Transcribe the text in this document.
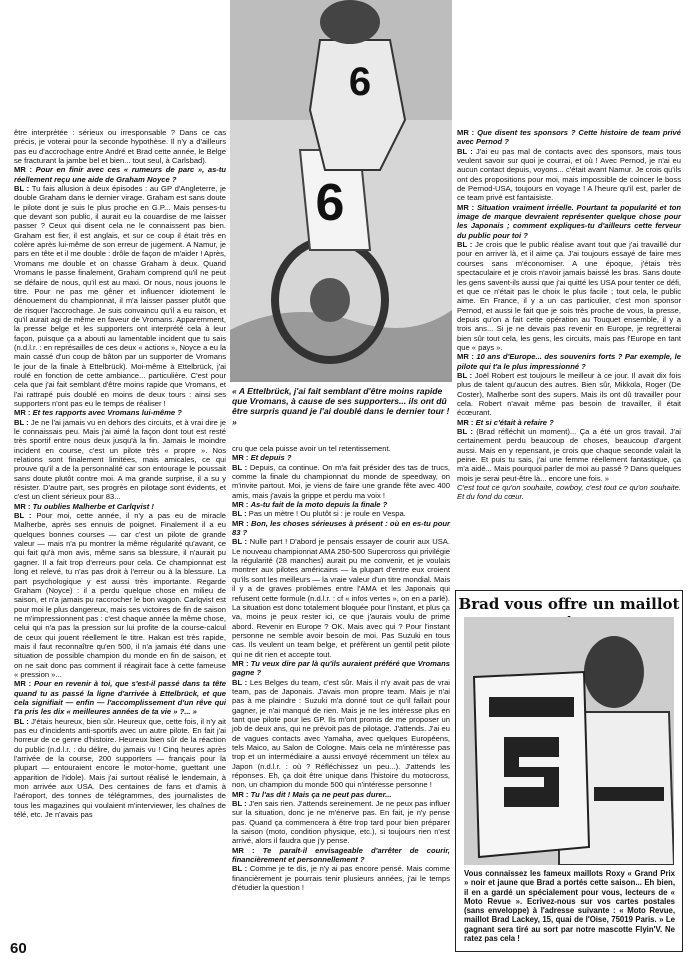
être interprétée : sérieux ou irresponsable ? Dans ce cas précis, je voterai pour la seconde hypothèse. Il n'y a d'ailleurs pas eu d'accrochage entre André et Brad cette année, le Belge se fracturant la jambe bel et bien... tout seul, à Carlsbad).

MR : Pour en finir avec ces « rumeurs de parc », as-tu réellement reçu une aide de Graham Noyce ?

BL : Tu fais allusion à deux épisodes : au GP d'Angleterre, je double Graham dans le dernier virage. Graham est sans doute le pilote dont je suis le plus proche en G.P... Mais penses-tu que devant son public, il aurait eu la couardise de me laisser passer ? Ceux qui disent cela ne le connaissent pas bien. Graham est fier, il est anglais, et sur ce coup il était très en colère après lui-même de son erreur de jugement. A Namur, je pars en tête et il me double : drôle de façon de m'aider ! Après, Vromans me double et on chasse Graham à deux. Quand Vromans le passe finalement, Graham comprend qu'il ne peut se défaire de nous, qu'il est au maxi. Or nous, nous jouons le titre. Pour ne pas me gêner et influencer idiotement le dénouement du championnat, il m'a laisser passer plutôt que de risquer l'accrochage. Je suis convaincu qu'il a eu raison, et qu'il aurait agi de même en faveur de Vromans. Apparemment, la presse belge et les supporters ont interprété cela à leur façon, puisque ça a abouti au lamentable incident que tu sais (n.d.l.r. : en représailles de ces deux « actions », Noyce a eu la main cassé d'un coup de bâton par un supporter de Vromans le jour de la finale à Ettelbrück). Moi-même à Ettelbrück, j'ai roulé en fonction de cette ambiance... particulière. C'est pour cela que j'ai fait semblant d'être moins rapide que Vromans, et l'ai rattrapé puis doublé en moins de deux tours : ainsi ses supporters n'ont pas eu le temps de réaliser !

MR : Et tes rapports avec Vromans lui-même ?

BL : Je ne l'ai jamais vu en dehors des circuits, et à vrai dire je le connaissais peu. Mais j'ai aimé la façon dont tout est resté très sportif entre nous deux jusqu'à la fin. Jamais le moindre incident en course, c'est un pilote très « propre ». Nos relations sont finalement limitées, mais amicales, ce qui prouve qu'il a de la personnalité car son entourage le poussait sans doute plutôt contre moi. A ma grande surprise, il a su y résister. D'autre part, ses progrès en pilotage sont évidents, et c'est un client sérieux pour 83...

MR : Tu oublies Malherbe et Carlqvist !

BL : Pour moi, cette année, il n'y a pas eu de miracle Malherbe, après ses ennuis de poignet. Finalement il a eu quelques bonnes courses — car c'est un pilote de grande valeur — mais n'a pu montrer la même régularité qu'avant, ce qui fait qu'à mon avis, même sans sa blessure, il n'aurait pu gagner. Il a fait trop d'erreurs pour cela. Ce championnat est long et relevé, tu n'as pas droit à l'erreur ou à la blessure. La part psychologique y est aussi très importante. Regarde Graham (Noyce) : il a perdu quelque chose en milieu de saison, et n'a jamais pu raccrocher le bon wagon. Carlqvist est pour moi le plus dangereux, mais ses victoires de fin de saison ne m'impressionnent pas : c'est chaque année la même chose, celui qui n'a pas la pression sur lui profite de la course-calcul de ceux qui jouent réellement le titre. Hakan est très rapide, mais il faut reconnaître qu'en 500, il n'a jamais été dans une situation de possible champion du monde en fin de saison, et on ne sait donc pas comment il réagirait face à cette fameuse « pression »...

MR : Pour en revenir à toi, que s'est-il passé dans ta tête quand tu as passé la ligne d'arrivée à Ettelbrück, et que cela signifiait — enfin — l'accomplissement d'un rêve qui t'a pris les dix « meilleures années de ta vie » ?... »

BL : J'étais heureux, bien sûr. Heureux que, cette fois, il n'y ait pas eu d'incidents anti-sportifs avec un autre pilote. En fait j'ai horreur de ce genre d'histoire. Heureux bien sûr de la réaction du public (n.d.l.r. : du délire, du jamais vu ! Cinq heures après l'arrivée de la course, 200 supporters — français pour la plupart — entouraient encore le motor-home, guettant une apparition de l'idole). Mais j'ai surtout réalisé le lendemain, à mon arrivée aux USA. Des centaines de fans et d'amis à l'aéroport, des tonnes de télégrammes, des journalistes de tous les magazines qui voulaient m'interviewer, les chaînes de télé, etc. Je n'avais pas

6
6
« A Ettelbrück, j'ai fait semblant d'être moins rapide que Vromans, à cause de ses supporters... ils ont dû être surpris quand je l'ai doublé dans le dernier tour ! »

cru que cela puisse avoir un tel retentissement.

MR : Et depuis ?

BL : Depuis, ca continue. On m'a fait présider des tas de trucs, comme la finale du championnat du monde de speedway, on m'invite partout. Moi, je viens de faire une grande fête avec 400 amis, mais j'avais la grippe et perdu ma voix !

MR : As-tu fait de la moto depuis la finale ?

BL : Pas un mètre ! Ou plutôt si : je roule en Vespa.

MR : Bon, les choses sérieuses à présent : où en es-tu pour 83 ?

BL : Nulle part ! D'abord je pensais essayer de courir aux USA. Le nouveau championnat AMA 250-500 Supercross qui privilégie la régularité (28 manches) aurait pu me convenir, et je voulais montrer aux pilotes américains — la plupart d'entre eux croient qu'ils sont les meilleurs — la vraie valeur d'un titre mondial. Mais il y a de graves problèmes entre l'AMA et les Japonais qui refusent cette formule (n.d.l.r. : cf « infos vertes », on en a parlé). La situation est donc totalement bloquée pour l'instant, et plus ça va, moins je peux rester ici, ce que j'aurais voulu de prime abord. Revenir en Europe ? OK. Mais avec qui ? Pour l'instant personne ne semble avoir besoin de moi. Pas Suzuki en tous cas. Ils veulent un team belge, et préfèrent un gentil petit pilote qui ne dit rien et accepte tout.

MR : Tu veux dire par là qu'ils auraient préféré que Vromans gagne ?

BL : Les Belges du team, c'est sûr. Mais il n'y avait pas de vrai team, pas de Japonais. J'avais mon propre team. Mais je n'ai pas à me plaindre : Suzuki m'a donné tout ce qu'il fallait pour gagner, je n'ai manqué de rien. Mais je ne les intéresse plus en tant que pilote pour les GP. Ils m'ont promis de me proposer un job de deux ans, qui ne prévoit pas de pilotage. J'attends. J'ai eu de vagues contacts avec Yamaha, avec quelques Européens, tels Maico, au Salon de Cologne. Mais cela ne m'intéresse pas trop et un intermédiaire a aussi envoyé récemment un télex au Japon (n.d.l.r. : où ? Réfléchissez un peu...). J'attends les réponses. Eh, ça doit être unique dans l'histoire du motocross, non, un champion du monde 500 qui n'intéresse personne !

MR : Tu l'as dit ! Mais ça ne peut pas durer...

BL : J'en sais rien. J'attends sereinement. Je ne peux pas influer sur la situation, donc je ne m'énerve pas. En fait, je n'y pense pas. Quand ça commencera à être trop tard pour bien préparer la saison (moto, condition physique, etc.), si toujours rien n'est arrivé, alors il faudra que j'y pense.

MR : Te paraît-il envisageable d'arrêter de courir, financièrement et personnellement ?

BL : Comme je te dis, je n'y ai pas encore pensé. Mais comme financièrement je pourrais tenir plusieurs années, j'ai le temps d'étudier la question !

MR : Que disent tes sponsors ? Cette histoire de team privé avec Pernod ?

BL : J'ai eu pas mal de contacts avec des sponsors, mais tous veulent savoir sur quoi je courrai, et où ! Avec Pernod, je n'ai eu aucun contact depuis, voyons... c'était avant Namur. Je crois qu'ils ont des propositions pour moi, mais impossible de coincer le boss de Pernod-USA, toujours en voyage ! A l'heure qu'il est, parler de ce team privé est fantaisiste.

MR : Situation vraiment irréelle. Pourtant ta popularité et ton image de marque devraient représenter quelque chose pour les Japonais ; comment expliques-tu d'ailleurs cette ferveur du public pour toi ?

BL : Je crois que le public réalise avant tout que j'ai travaillé dur pour en arriver là, et il aime ça. J'ai toujours essayé de faire mes courses sans m'économiser. A une époque, j'étais très spectaculaire et je crois n'avoir jamais baissé les bras. Sans doute les gens savent-ils aussi que j'ai quitté les USA pour tenter ce défi, et que ce n'était pas le choix le plus facile ; tout cela, le public aime. En France, il y a un cas particulier, c'est mon sponsor Pernod, et aussi le fait que je sois très proche de vous, la presse, depuis qu'on a fait cette opération au Touquet ensemble, il y a trois ans... Si je ne devais pas revenir en Europe, je regretterai bien sûr tout cela, les gens, les circuits, mais pas l'Europe en tant que « pays ».

MR : 10 ans d'Europe... des souvenirs forts ? Par exemple, le pilote qui t'a le plus impressionné ?

BL : Joël Robert est toujours le meilleur à ce jour. Il avait dix fois plus de talent qu'aucun des autres. Bien sûr, Mikkola, Roger (De Coster), Malherbe sont des supers. Mais ils ont dû travailler pour cela. Robert n'avait même pas besoin de travailler, il était écœurant.

MR : Et si c'était à refaire ?

BL : (Brad réfléchit un moment)... Ça a été un gros travail. J'ai certainement perdu beaucoup de choses, beaucoup d'argent aussi. Mais en y repensant, je crois que chaque seconde valait la peine. Et puis tu sais, j'ai une femme réellement fantastique, ça m'a aidé... Mais pourquoi parler de moi au passé ? Dans quelques mois je serai peut-être là... encore une fois. »

C'est tout ce qu'on souhaite, cowboy, c'est tout ce qu'on souhaite. Et du fond du cœur.

Brad vous offre un maillot
Vous connaissez les fameux maillots Roxy « Grand Prix » noir et jaune que Brad a portés cette saison... Eh bien, il en a gardé un spécialement pour vous, lecteurs de « Moto Revue ». Ecrivez-nous sur vos cartes postales (sans enveloppe) à l'adresse suivante : « Moto Revue, maillot Brad Lackey, 15, quai de l'Oise, 75019 Paris. » Le gagnant sera tiré au sort par notre mascotte Flyin'V. Ne ratez pas cela !
60
